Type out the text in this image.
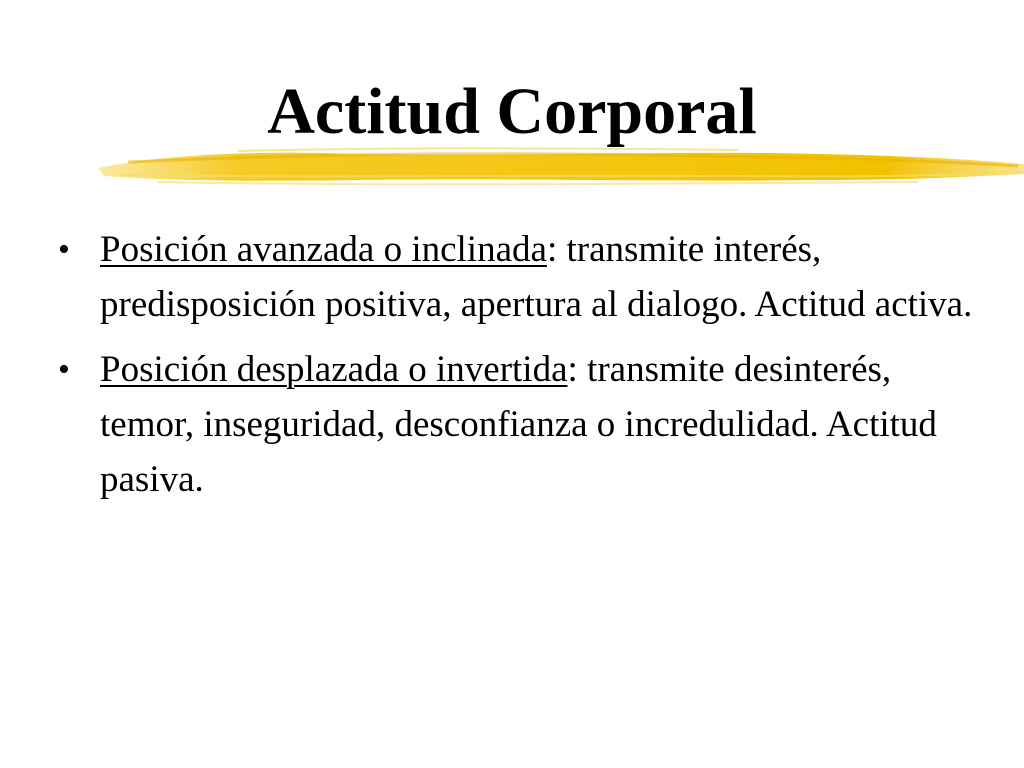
Actitud Corporal
• Posición avanzada o inclinada: transmite interés, predisposición positiva, apertura al dialogo. Actitud activa.
• Posición desplazada o invertida: transmite desinterés, temor, inseguridad, desconfianza o incredulidad. Actitud pasiva.
